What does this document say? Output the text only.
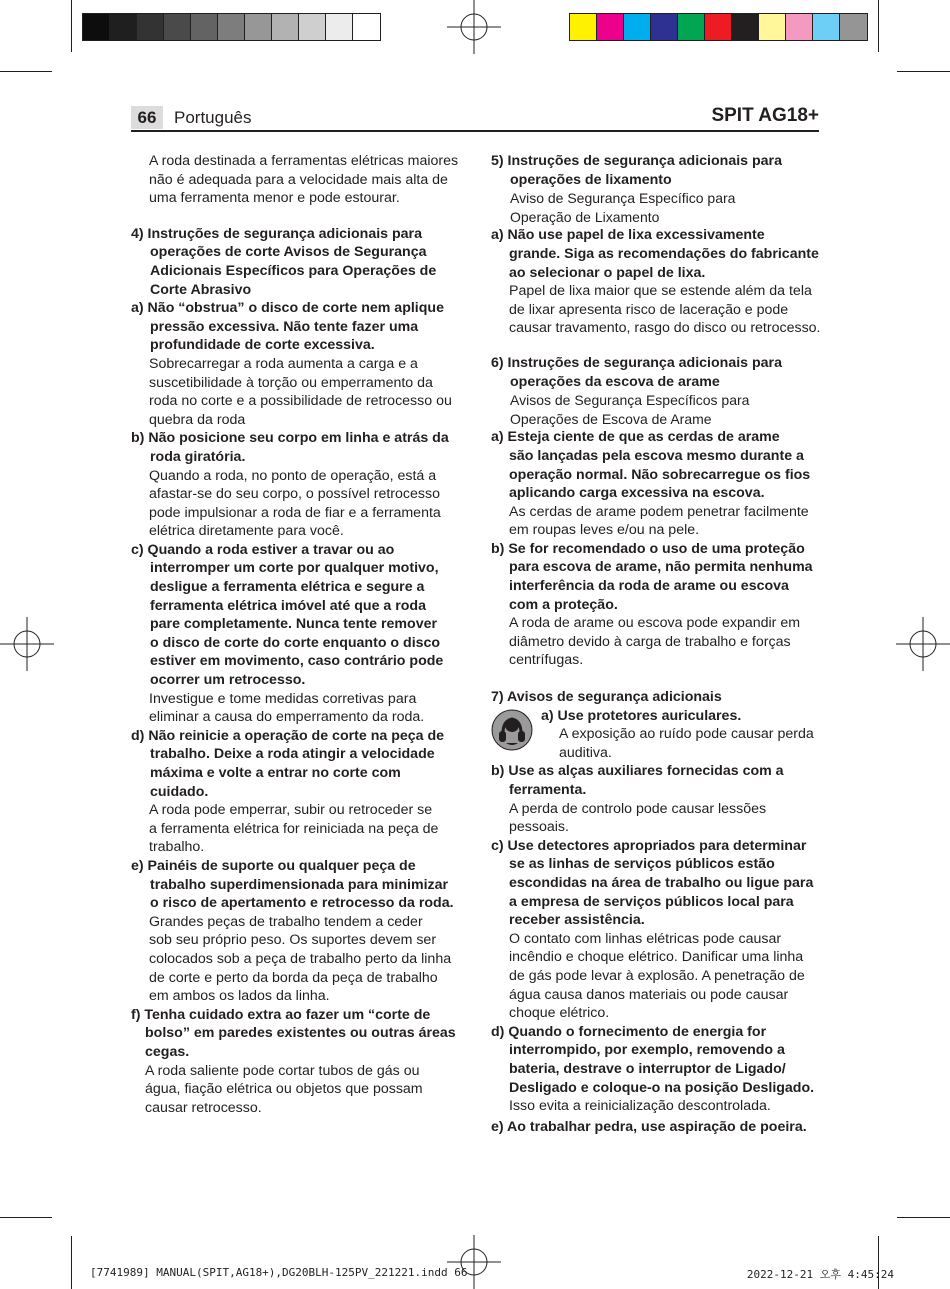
66	Português	SPIT AG18+
A roda destinada a ferramentas elétricas maiores
não é adequada para a velocidade mais alta de
uma ferramenta menor e pode estourar.
4) Instruções de segurança adicionais para
operações de corte Avisos de Segurança
Adicionais Específicos para Operações de
Corte Abrasivo
a) Não “obstrua” o disco de corte nem aplique
pressão excessiva. Não tente fazer uma
profundidade de corte excessiva.
Sobrecarregar a roda aumenta a carga e a
suscetibilidade à torção ou emperramento da
roda no corte e a possibilidade de retrocesso ou
quebra da roda
b) Não posicione seu corpo em linha e atrás da
roda giratória.
Quando a roda, no ponto de operação, está a
afastar-se do seu corpo, o possível retrocesso
pode impulsionar a roda de fiar e a ferramenta
elétrica diretamente para você.
c) Quando a roda estiver a travar ou ao
interromper um corte por qualquer motivo,
desligue a ferramenta elétrica e segure a
ferramenta elétrica imóvel até que a roda
pare completamente. Nunca tente remover
o disco de corte do corte enquanto o disco
estiver em movimento, caso contrário pode
ocorrer um retrocesso.
Investigue e tome medidas corretivas para
eliminar a causa do emperramento da roda.
d) Não reinicie a operação de corte na peça de
trabalho. Deixe a roda atingir a velocidade
máxima e volte a entrar no corte com
cuidado.
A roda pode emperrar, subir ou retroceder se
a ferramenta elétrica for reiniciada na peça de
trabalho.
e) Painéis de suporte ou qualquer peça de
trabalho superdimensionada para minimizar
o risco de apertamento e retrocesso da roda.
Grandes peças de trabalho tendem a ceder
sob seu próprio peso. Os suportes devem ser
colocados sob a peça de trabalho perto da linha
de corte e perto da borda da peça de trabalho
em ambos os lados da linha.
f) Tenha cuidado extra ao fazer um “corte de
bolso” em paredes existentes ou outras áreas
cegas.
A roda saliente pode cortar tubos de gás ou
água, fiação elétrica ou objetos que possam
causar retrocesso.
5) Instruções de segurança adicionais para
operações de lixamento
Aviso de Segurança Específico para
Operação de Lixamento
a) Não use papel de lixa excessivamente
grande. Siga as recomendações do fabricante
ao selecionar o papel de lixa.
Papel de lixa maior que se estende além da tela
de lixar apresenta risco de laceração e pode
causar travamento, rasgo do disco ou retrocesso.
6) Instruções de segurança adicionais para
operações da escova de arame
Avisos de Segurança Específicos para
Operações de Escova de Arame
a) Esteja ciente de que as cerdas de arame
são lançadas pela escova mesmo durante a
operação normal. Não sobrecarregue os fios
aplicando carga excessiva na escova.
As cerdas de arame podem penetrar facilmente
em roupas leves e/ou na pele.
b) Se for recomendado o uso de uma proteção
para escova de arame, não permita nenhuma
interferência da roda de arame ou escova
com a proteção.
A roda de arame ou escova pode expandir em
diâmetro devido à carga de trabalho e forças
centrífugas.
7) Avisos de segurança adicionais
a) Use protetores auriculares.
A exposição ao ruído pode causar perda
auditiva.
b) Use as alças auxiliares fornecidas com a
ferramenta.
A perda de controlo pode causar lessões
pessoais.
c) Use detectores apropriados para determinar
se as linhas de serviços públicos estão
escondidas na área de trabalho ou ligue para
a empresa de serviços públicos local para
receber assistência.
O contato com linhas elétricas pode causar
incêndio e choque elétrico. Danificar uma linha
de gás pode levar à explosão. A penetração de
água causa danos materiais ou pode causar
choque elétrico.
d) Quando o fornecimento de energia for
interrompido, por exemplo, removendo a
bateria, destrave o interruptor de Ligado/
Desligado e coloque-o na posição Desligado.
Isso evita a reinicialização descontrolada.
e) Ao trabalhar pedra, use aspiração de poeira.
[7741989] MANUAL(SPIT,AG18+),DG20BLH-125PV_221221.indd 66	2022-12-21 오후 4:45:24
